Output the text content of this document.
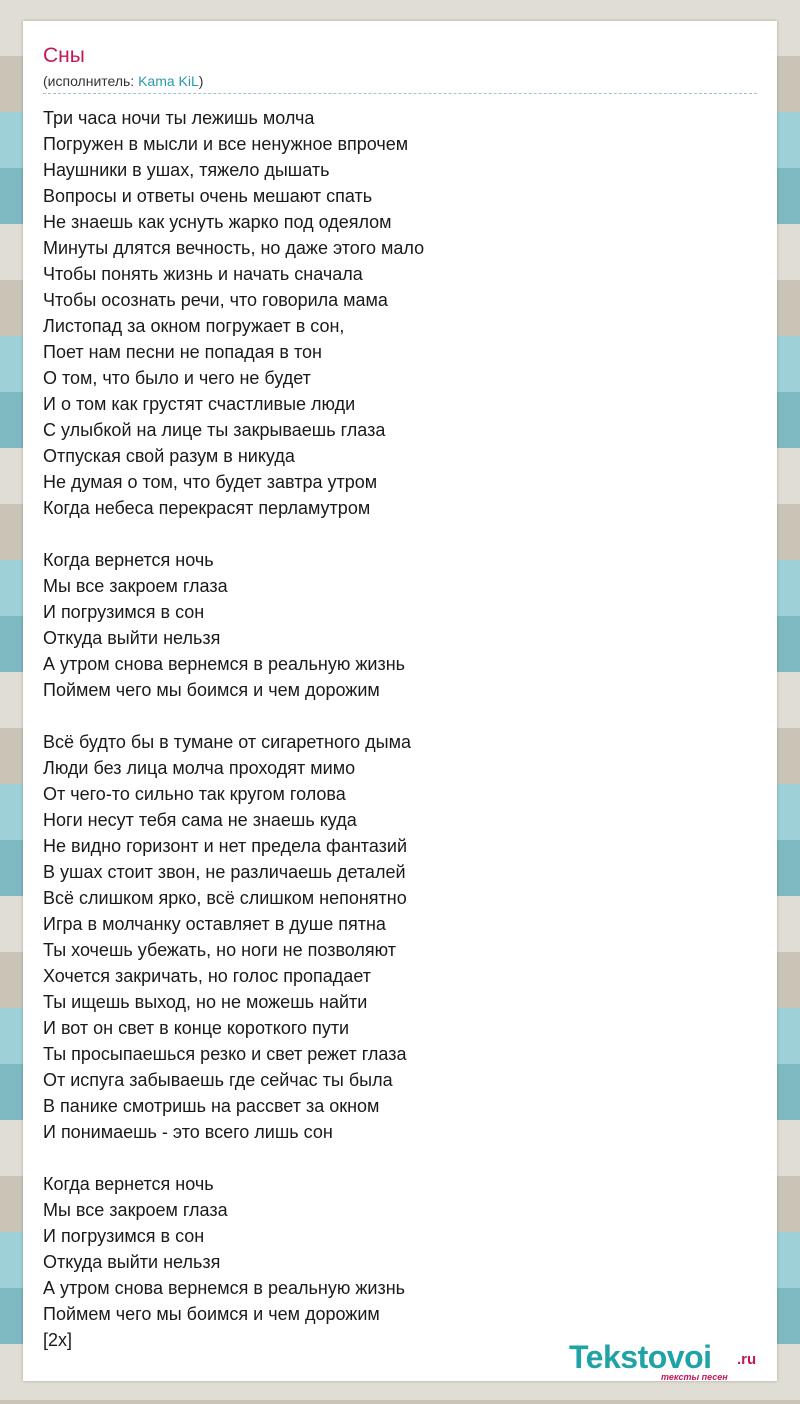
Сны
(исполнитель: Kama KiL)
Три часа ночи ты лежишь молча
Погружен в мысли и все ненужное впрочем
Наушники в ушах, тяжело дышать
Вопросы и ответы очень мешают спать
Не знаешь как уснуть жарко под одеялом
Минуты длятся вечность, но даже этого мало
Чтобы понять жизнь и начать сначала
Чтобы осознать речи, что говорила мама
Листопад за окном погружает в сон,
Поет нам песни не попадая в тон
О том, что было и чего не будет
И о том как грустят счастливые люди
С улыбкой на лице ты закрываешь глаза
Отпуская свой разум в никуда
Не думая о том, что будет завтра утром
Когда небеса перекрасят перламутром
Когда вернется ночь
Мы все закроем глаза
И погрузимся в сон
Откуда выйти нельзя
А утром снова вернемся в реальную жизнь
Поймем чего мы боимся и чем дорожим
Всё будто бы в тумане от сигаретного дыма
Люди без лица молча проходят мимо
От чего-то сильно так кругом голова
Ноги несут тебя сама не знаешь куда
Не видно горизонт и нет предела фантазий
В ушах стоит звон, не различаешь деталей
Всё слишком ярко, всё слишком непонятно
Игра в молчанку оставляет в душе пятна
Ты хочешь убежать, но ноги не позволяют
Хочется закричать, но голос пропадает
Ты ищешь выход, но не можешь найти
И вот он свет в конце короткого пути
Ты просыпаешься резко и свет режет глаза
От испуга забываешь где сейчас ты была
В панике смотришь на рассвет за окном
И понимаешь - это всего лишь сон
Когда вернется ночь
Мы все закроем глаза
И погрузимся в сон
Откуда выйти нельзя
А утром снова вернемся в реальную жизнь
Поймем чего мы боимся и чем дорожим
[2x]	Tekstovoi .ru
тексты песен
